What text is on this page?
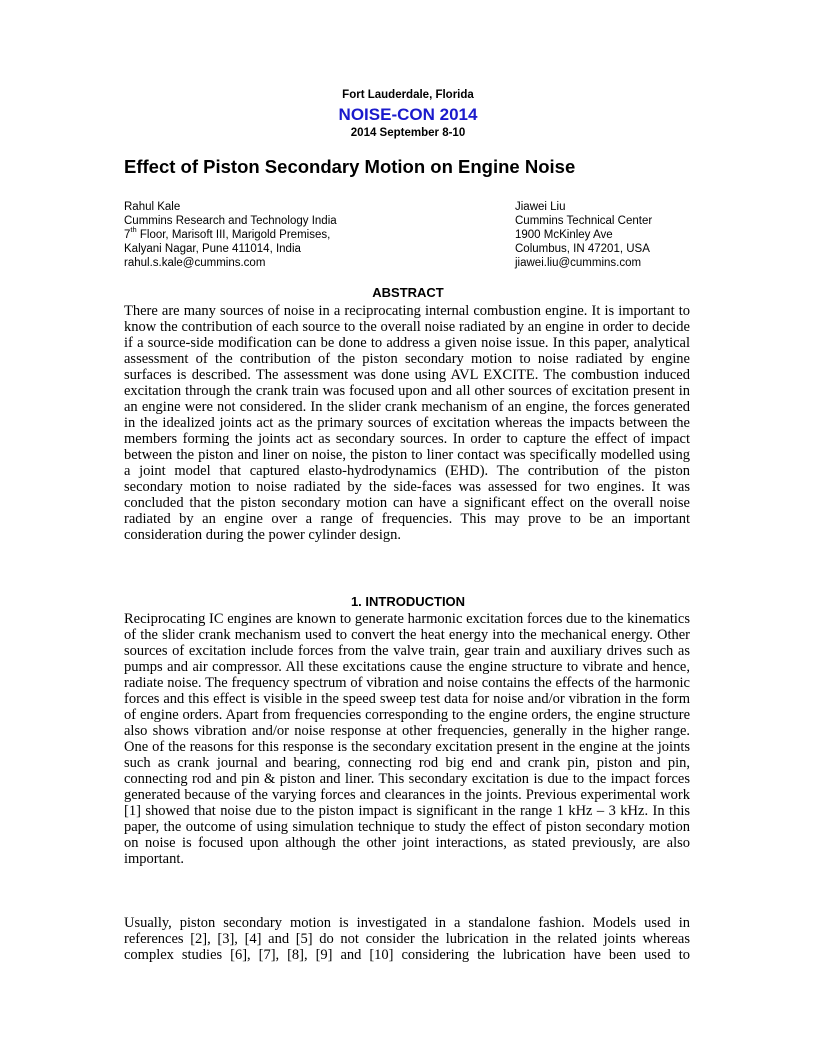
Fort Lauderdale, Florida
NOISE-CON 2014
2014 September 8-10
Effect of Piston Secondary Motion on Engine Noise
Rahul Kale
Cummins Research and Technology India
7th Floor, Marisoft III, Marigold Premises,
Kalyani Nagar, Pune 411014, India
rahul.s.kale@cummins.com
Jiawei Liu
Cummins Technical Center
1900 McKinley Ave
Columbus, IN 47201, USA
jiawei.liu@cummins.com
ABSTRACT

There are many sources of noise in a reciprocating internal combustion engine. It is important to know the contribution of each source to the overall noise radiated by an engine in order to decide if a source-side modification can be done to address a given noise issue. In this paper, analytical assessment of the contribution of the piston secondary motion to noise radiated by engine surfaces is described. The assessment was done using AVL EXCITE. The combustion induced excitation through the crank train was focused upon and all other sources of excitation present in an engine were not considered. In the slider crank mechanism of an engine, the forces generated in the idealized joints act as the primary sources of excitation whereas the impacts between the members forming the joints act as secondary sources. In order to capture the effect of impact between the piston and liner on noise, the piston to liner contact was specifically modelled using a joint model that captured elasto-hydrodynamics (EHD). The contribution of the piston secondary motion to noise radiated by the side-faces was assessed for two engines. It was concluded that the piston secondary motion can have a significant effect on the overall noise radiated by an engine over a range of frequencies. This may prove to be an important consideration during the power cylinder design.

1. INTRODUCTION

Reciprocating IC engines are known to generate harmonic excitation forces due to the kinematics of the slider crank mechanism used to convert the heat energy into the mechanical energy. Other sources of excitation include forces from the valve train, gear train and auxiliary drives such as pumps and air compressor. All these excitations cause the engine structure to vibrate and hence, radiate noise. The frequency spectrum of vibration and noise contains the effects of the harmonic forces and this effect is visible in the speed sweep test data for noise and/or vibration in the form of engine orders. Apart from frequencies corresponding to the engine orders, the engine structure also shows vibration and/or noise response at other frequencies, generally in the higher range. One of the reasons for this response is the secondary excitation present in the engine at the joints such as crank journal and bearing, connecting rod big end and crank pin, piston and pin, connecting rod and pin & piston and liner. This secondary excitation is due to the impact forces generated because of the varying forces and clearances in the joints. Previous experimental work [1] showed that noise due to the piston impact is significant in the range 1 kHz – 3 kHz. In this paper, the outcome of using simulation technique to study the effect of piston secondary motion on noise is focused upon although the other joint interactions, as stated previously, are also important.

Usually, piston secondary motion is investigated in a standalone fashion. Models used in references [2], [3], [4] and [5] do not consider the lubrication in the related joints whereas complex studies [6], [7], [8], [9] and [10] considering the lubrication have been used to
